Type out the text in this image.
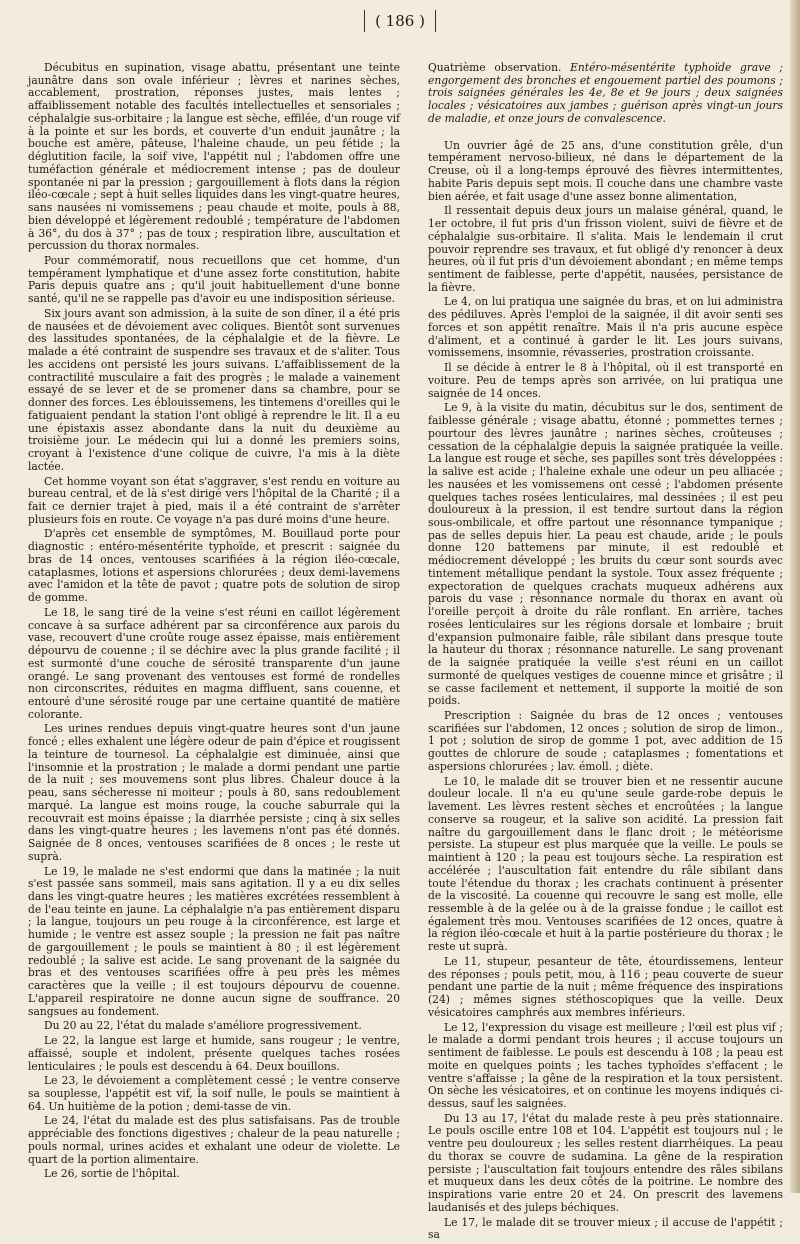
( 186 )

Décubitus en supination, visage abattu, présentant une teinte jaunâtre dans son ovale inférieur ; lèvres et narines sèches, accablement, prostration, réponses justes, mais lentes ; affaiblissement notable des facultés intellectuelles et sensoriales ; céphalalgie sus-orbitaire ; la langue est sèche, effilée, d'un rouge vif à la pointe et sur les bords, et couverte d'un enduit jaunâtre ; la bouche est amère, pâteuse, l'haleine chaude, un peu fétide ; la déglutition facile, la soif vive, l'appétit nul ; l'abdomen offre une tuméfaction générale et médiocrement intense ; pas de douleur spontanée ni par la pression ; gargouillement à flots dans la région iléo-cœcale ; sept à huit selles liquides dans les vingt-quatre heures, sans nausées ni vomissemens ; peau chaude et moite, pouls à 88, bien développé et légèrement redoublé ; température de l'abdomen à 36°, du dos à 37° ; pas de toux ; respiration libre, auscultation et percussion du thorax normales.

Pour commémoratif, nous recueillons que cet homme, d'un tempérament lymphatique et d'une assez forte constitution, habite Paris depuis quatre ans ; qu'il jouit habituellement d'une bonne santé, qu'il ne se rappelle pas d'avoir eu une indisposition sérieuse.

Six jours avant son admission, à la suite de son dîner, il a été pris de nausées et de dévoiement avec coliques. Bientôt sont survenues des lassitudes spontanées, de la céphalalgie et de la fièvre. Le malade a été contraint de suspendre ses travaux et de s'aliter. Tous les accidens ont persisté les jours suivans. L'affaiblissement de la contractilité musculaire a fait des progrès ; le malade a vainement essayé de se lever et de se promener dans sa chambre, pour se donner des forces. Les éblouissemens, les tintemens d'oreilles qui le fatiguaient pendant la station l'ont obligé à reprendre le lit. Il a eu une épistaxis assez abondante dans la nuit du deuxième au troisième jour. Le médecin qui lui a donné les premiers soins, croyant à l'existence d'une colique de cuivre, l'a mis à la diète lactée.

Cet homme voyant son état s'aggraver, s'est rendu en voiture au bureau central, et de là s'est dirigé vers l'hôpital de la Charité ; il a fait ce dernier trajet à pied, mais il a été contraint de s'arrêter plusieurs fois en route. Ce voyage n'a pas duré moins d'une heure.

D'après cet ensemble de symptômes, M. Bouillaud porte pour diagnostic : entéro-mésentérite typhoïde, et prescrit : saignée du bras de 14 onces, ventouses scarifiées à la région iléo-cœcale, cataplasmes, lotions et aspersions chlorurées ; deux demi-lavemens avec l'amidon et la tête de pavot ; quatre pots de solution de sirop de gomme.

Le 18, le sang tiré de la veine s'est réuni en caillot légèrement concave à sa surface adhérent par sa circonférence aux parois du vase, recouvert d'une croûte rouge assez épaisse, mais entièrement dépourvu de couenne ; il se déchire avec la plus grande facilité ; il est surmonté d'une couche de sérosité transparente d'un jaune orangé. Le sang provenant des ventouses est formé de rondelles non circonscrites, réduites en magma diffluent, sans couenne, et entouré d'une sérosité rouge par une certaine quantité de matière colorante.

Les urines rendues depuis vingt-quatre heures sont d'un jaune foncé ; elles exhalent une légère odeur de pain d'épice et rougissent la teinture de tournesol. La céphalalgie est diminuée, ainsi que l'insomnie et la prostration ; le malade a dormi pendant une partie de la nuit ; ses mouvemens sont plus libres. Chaleur douce à la peau, sans sécheresse ni moiteur ; pouls à 80, sans redoublement marqué. La langue est moins rouge, la couche saburrale qui la recouvrait est moins épaisse ; la diarrhée persiste ; cinq à six selles dans les vingt-quatre heures ; les lavemens n'ont pas été donnés. Saignée de 8 onces, ventouses scarifiées de 8 onces ; le reste ut suprà.

Le 19, le malade ne s'est endormi que dans la matinée ; la nuit s'est passée sans sommeil, mais sans agitation. Il y a eu dix selles dans les vingt-quatre heures ; les matières excrétées ressemblent à de l'eau teinte en jaune. La céphalalgie n'a pas entièrement disparu ; la langue, toujours un peu rouge à la circonférence, est large et humide ; le ventre est assez souple ; la pression ne fait pas naître de gargouillement ; le pouls se maintient à 80 ; il est légèrement redoublé ; la salive est acide. Le sang provenant de la saignée du bras et des ventouses scarifiées offre à peu près les mêmes caractères que la veille ; il est toujours dépourvu de couenne. L'appareil respiratoire ne donne aucun signe de souffrance. 20 sangsues au fondement.

Du 20 au 22, l'état du malade s'améliore progressivement.

Le 22, la langue est large et humide, sans rougeur ; le ventre, affaissé, souple et indolent, présente quelques taches rosées lenticulaires ; le pouls est descendu à 64. Deux bouillons.

Le 23, le dévoiement a complètement cessé ; le ventre conserve sa souplesse, l'appétit est vif, la soif nulle, le pouls se maintient à 64. Un huitième de la potion ; demi-tasse de vin.

Le 24, l'état du malade est des plus satisfaisans. Pas de trouble appréciable des fonctions digestives ; chaleur de la peau naturelle ; pouls normal, urines acides et exhalant une odeur de violette. Le quart de la portion alimentaire.

Le 26, sortie de l'hôpital.

Quatrième observation. Entéro-mésentérite typhoïde grave ; engorgement des bronches et engouement partiel des poumons ; trois saignées générales les 4e, 8e et 9e jours ; deux saignées locales ; vésicatoires aux jambes ; guérison après vingt-un jours de maladie, et onze jours de convalescence.

Un ouvrier âgé de 25 ans, d'une constitution grêle, d'un tempérament nervoso-bilieux, né dans le département de la Creuse, où il a long-temps éprouvé des fièvres intermittentes, habite Paris depuis sept mois. Il couche dans une chambre vaste bien aérée, et fait usage d'une assez bonne alimentation,

Il ressentait depuis deux jours un malaise général, quand, le 1er octobre, il fut pris d'un frisson violent, suivi de fièvre et de céphalalgie sus-orbitaire. Il s'alita. Mais le lendemain il crut pouvoir reprendre ses travaux, et fut obligé d'y renoncer à deux heures, où il fut pris d'un dévoiement abondant ; en même temps sentiment de faiblesse, perte d'appétit, nausées, persistance de la fièvre.

Le 4, on lui pratiqua une saignée du bras, et on lui administra des pédiluves. Après l'emploi de la saignée, il dit avoir senti ses forces et son appétit renaître. Mais il n'a pris aucune espèce d'aliment, et a continué à garder le lit. Les jours suivans, vomissemens, insomnie, révasseries, prostration croissante.

Il se décide à entrer le 8 à l'hôpital, où il est transporté en voiture. Peu de temps après son arrivée, on lui pratiqua une saignée de 14 onces.

Le 9, à la visite du matin, décubitus sur le dos, sentiment de faiblesse générale ; visage abattu, étonné ; pommettes ternes ; pourtour des lèvres jaunâtre ; narines sèches, croûteuses ; cessation de la céphalalgie depuis la saignée pratiquée la veille. La langue est rouge et sèche, ses papilles sont très développées : la salive est acide ; l'haleine exhale une odeur un peu alliacée ; les nausées et les vomissemens ont cessé ; l'abdomen présente quelques taches rosées lenticulaires, mal dessinées ; il est peu douloureux à la pression, il est tendre surtout dans la région sous-ombilicale, et offre partout une résonnance tympanique ; pas de selles depuis hier. La peau est chaude, aride ; le pouls donne 120 battemens par minute, il est redoublé et médiocrement développé ; les bruits du cœur sont sourds avec tintement métallique pendant la systole. Toux assez fréquente ; expectoration de quelques crachats muqueux adhérens aux parois du vase ; résonnance normale du thorax en avant où l'oreille perçoit à droite du râle ronflant. En arrière, taches rosées lenticulaires sur les régions dorsale et lombaire ; bruit d'expansion pulmonaire faible, râle sibilant dans presque toute la hauteur du thorax ; résonnance naturelle. Le sang provenant de la saignée pratiquée la veille s'est réuni en un caillot surmonté de quelques vestiges de couenne mince et grisâtre ; il se casse facilement et nettement, il supporte la moitié de son poids.

Prescription : Saignée du bras de 12 onces ; ventouses scarifiées sur l'abdomen, 12 onces ; solution de sirop de limon., 1 pot ; solution de sirop de gomme 1 pot, avec addition de 15 gouttes de chlorure de soude ; cataplasmes ; fomentations et aspersions chlorurées ; lav. émoll. ; diète.

Le 10, le malade dit se trouver bien et ne ressentir aucune douleur locale. Il n'a eu qu'une seule garde-robe depuis le lavement. Les lèvres restent sèches et encroûtées ; la langue conserve sa rougeur, et la salive son acidité. La pression fait naître du gargouillement dans le flanc droit ; le météorisme persiste. La stupeur est plus marquée que la veille. Le pouls se maintient à 120 ; la peau est toujours sèche. La respiration est accélérée ; l'auscultation fait entendre du râle sibilant dans toute l'étendue du thorax ; les crachats continuent à présenter de la viscosité. La couenne qui recouvre le sang est molle, elle ressemble à de la gelée ou à de la graisse fondue ; le caillot est également très mou. Ventouses scarifiées de 12 onces, quatre à la région iléo-cœcale et huit à la partie postérieure du thorax ; le reste ut suprà.

Le 11, stupeur, pesanteur de tête, étourdissemens, lenteur des réponses ; pouls petit, mou, à 116 ; peau couverte de sueur pendant une partie de la nuit ; même fréquence des inspirations (24) ; mêmes signes stéthoscopiques que la veille. Deux vésicatoires camphrés aux membres inférieurs.

Le 12, l'expression du visage est meilleure ; l'œil est plus vif ; le malade a dormi pendant trois heures ; il accuse toujours un sentiment de faiblesse. Le pouls est descendu à 108 ; la peau est moite en quelques points ; les taches typhoïdes s'effacent ; le ventre s'affaisse ; la gêne de la respiration et la toux persistent. On sèche les vésicatoires, et on continue les moyens indiqués ci-dessus, sauf les saignées.

Du 13 au 17, l'état du malade reste à peu près stationnaire. Le pouls oscille entre 108 et 104. L'appétit est toujours nul ; le ventre peu douloureux ; les selles restent diarrhéiques. La peau du thorax se couvre de sudamina. La gêne de la respiration persiste ; l'auscultation fait toujours entendre des râles sibilans et muqueux dans les deux côtés de la poitrine. Le nombre des inspirations varie entre 20 et 24. On prescrit des lavemens laudanisés et des juleps béchiques.

Le 17, le malade dit se trouver mieux ; il accuse de l'appétit ; sa
